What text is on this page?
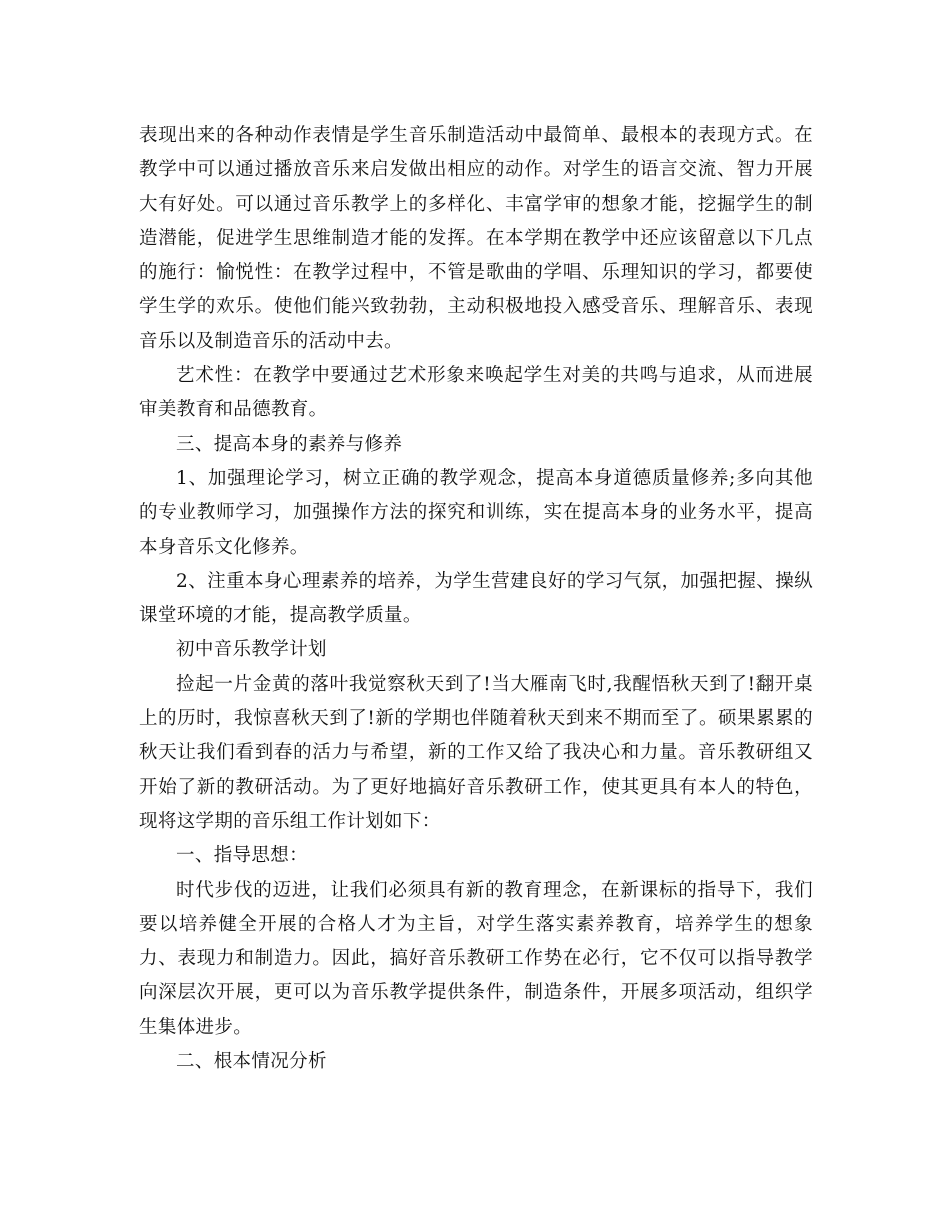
表现出来的各种动作表情是学生音乐制造活动中最简单、最根本的表现方式。在教学中可以通过播放音乐来启发做出相应的动作。对学生的语言交流、智力开展大有好处。可以通过音乐教学上的多样化、丰富学审的想象才能，挖掘学生的制造潜能，促进学生思维制造才能的发挥。在本学期在教学中还应该留意以下几点的施行：愉悦性：在教学过程中，不管是歌曲的学唱、乐理知识的学习，都要使学生学的欢乐。使他们能兴致勃勃，主动积极地投入感受音乐、理解音乐、表现音乐以及制造音乐的活动中去。

艺术性：在教学中要通过艺术形象来唤起学生对美的共鸣与追求，从而进展审美教育和品德教育。

三、提高本身的素养与修养

1、加强理论学习，树立正确的教学观念，提高本身道德质量修养;多向其他的专业教师学习，加强操作方法的探究和训练，实在提高本身的业务水平，提高本身音乐文化修养。

2、注重本身心理素养的培养，为学生营建良好的学习气氛，加强把握、操纵课堂环境的才能，提高教学质量。

初中音乐教学计划

捡起一片金黄的落叶我觉察秋天到了!当大雁南飞时,我醒悟秋天到了!翻开桌上的历时，我惊喜秋天到了!新的学期也伴随着秋天到来不期而至了。硕果累累的秋天让我们看到春的活力与希望，新的工作又给了我决心和力量。音乐教研组又开始了新的教研活动。为了更好地搞好音乐教研工作，使其更具有本人的特色，现将这学期的音乐组工作计划如下：

一、指导思想：

时代步伐的迈进，让我们必须具有新的教育理念，在新课标的指导下，我们要以培养健全开展的合格人才为主旨，对学生落实素养教育，培养学生的想象力、表现力和制造力。因此，搞好音乐教研工作势在必行，它不仅可以指导教学向深层次开展，更可以为音乐教学提供条件，制造条件，开展多项活动，组织学生集体进步。

二、根本情况分析
